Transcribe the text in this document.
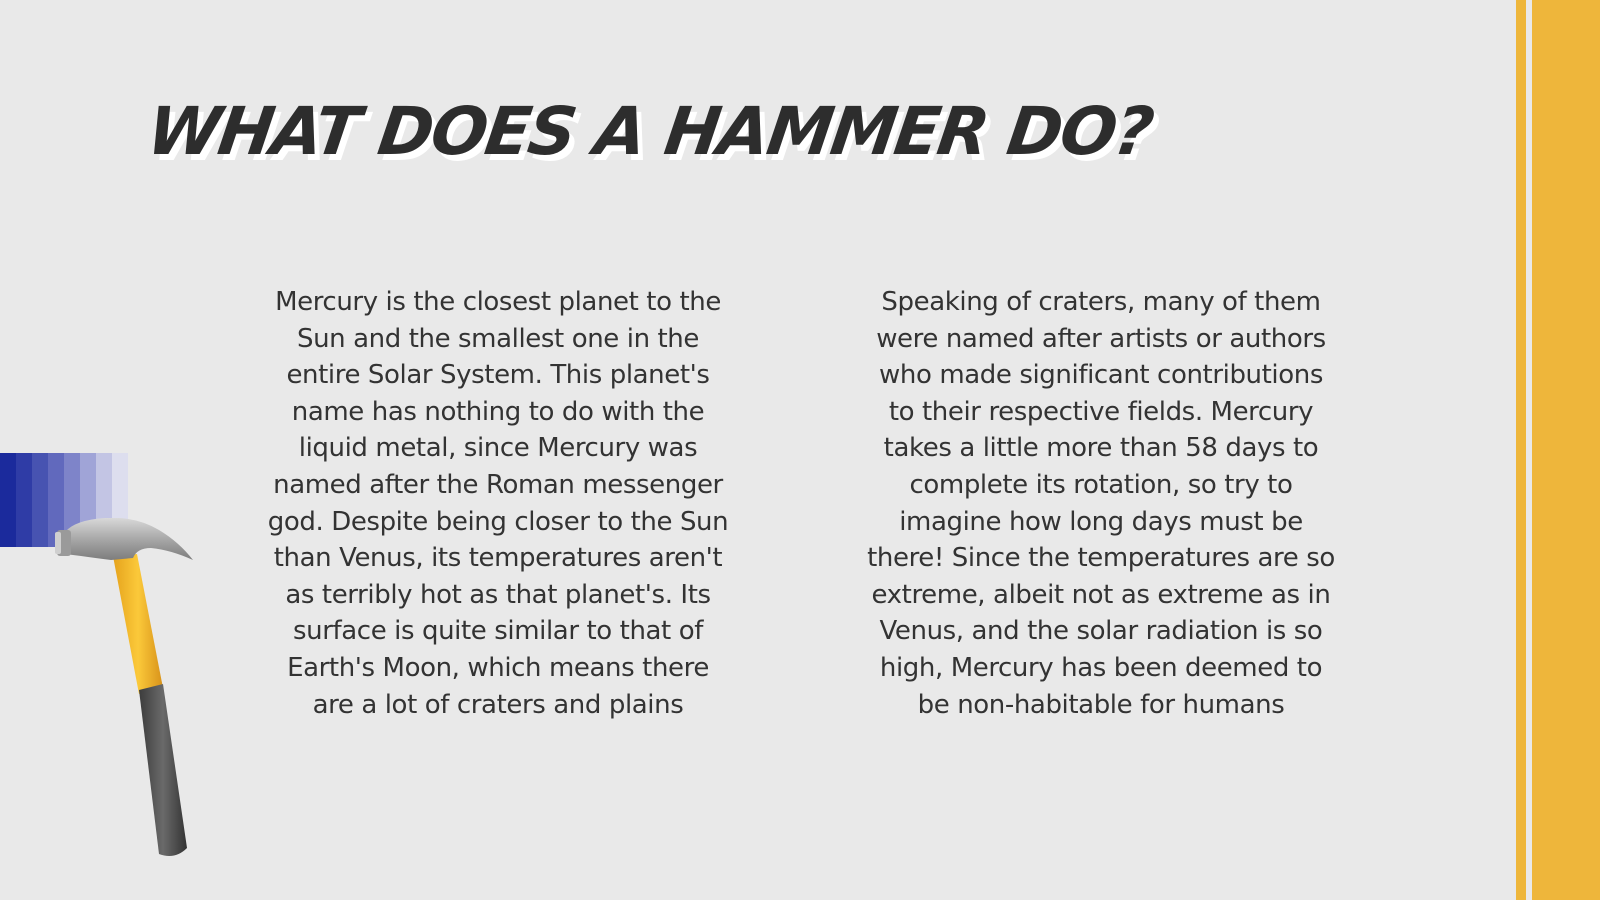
WHAT DOES A HAMMER DO?

Mercury is the closest planet to the Sun and the smallest one in the entire Solar System. This planet's name has nothing to do with the liquid metal, since Mercury was named after the Roman messenger god. Despite being closer to the Sun than Venus, its temperatures aren't as terribly hot as that planet's. Its surface is quite similar to that of Earth's Moon, which means there are a lot of craters and plains

Speaking of craters, many of them were named after artists or authors who made significant contributions to their respective fields. Mercury takes a little more than 58 days to complete its rotation, so try to imagine how long days must be there! Since the temperatures are so extreme, albeit not as extreme as in Venus, and the solar radiation is so high, Mercury has been deemed to be non-habitable for humans
